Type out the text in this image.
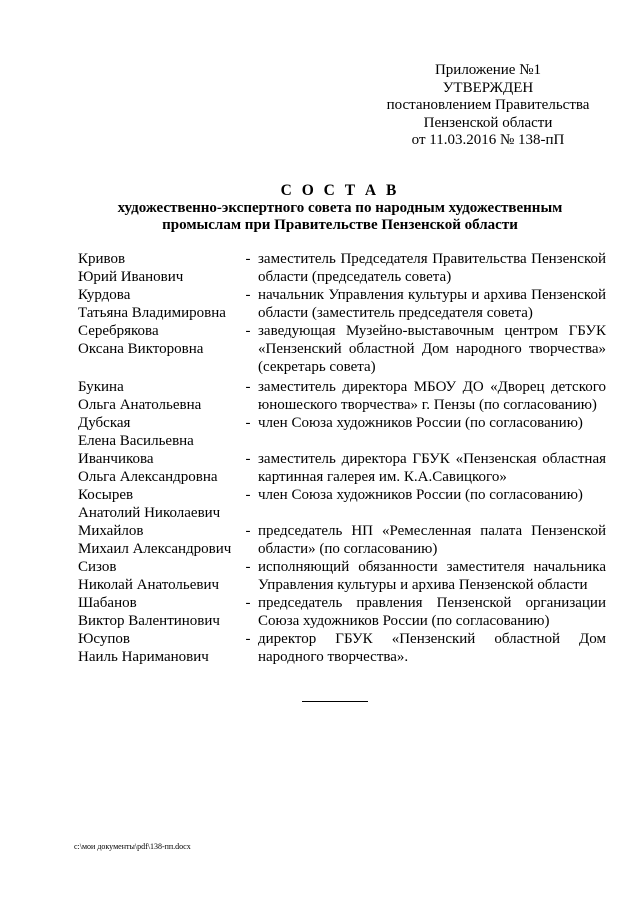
Приложение №1
УТВЕРЖДЕН
постановлением Правительства
Пензенской области
от 11.03.2016 № 138-пП
С О С Т А В
художественно-экспертного совета по народным художественным
промыслам при Правительстве Пензенской области
Кривов
Юрий Иванович
- заместитель Председателя Правительства Пензенской области (председатель совета)
Курдова
Татьяна Владимировна
- начальник Управления культуры и архива Пензенской области (заместитель председателя совета)
Серебрякова
Оксана Викторовна
- заведующая Музейно-выставочным центром ГБУК «Пензенский областной Дом народного творчества» (секретарь совета)
Букина
Ольга Анатольевна
- заместитель директора МБОУ ДО «Дворец детского юношеского творчества» г. Пензы (по согласованию)
Дубская
Елена Васильевна
- член Союза художников России (по согласованию)
Иванчикова
Ольга Александровна
- заместитель директора ГБУК «Пензенская областная картинная галерея им. К.А.Савицкого»
Косырев
Анатолий Николаевич
- член Союза художников России (по согласованию)
Михайлов
Михаил Александрович
- председатель НП «Ремесленная палата Пензенской области» (по согласованию)
Сизов
Николай Анатольевич
- исполняющий обязанности заместителя начальника Управления культуры и архива Пензенской области
Шабанов
Виктор Валентинович
- председатель правления Пензенской организации Союза художников России (по согласованию)
Юсупов
Наиль Нариманович
- директор ГБУК «Пензенский областной Дом народного творчества».
c:\мои документы\pdf\138-пп.docx
